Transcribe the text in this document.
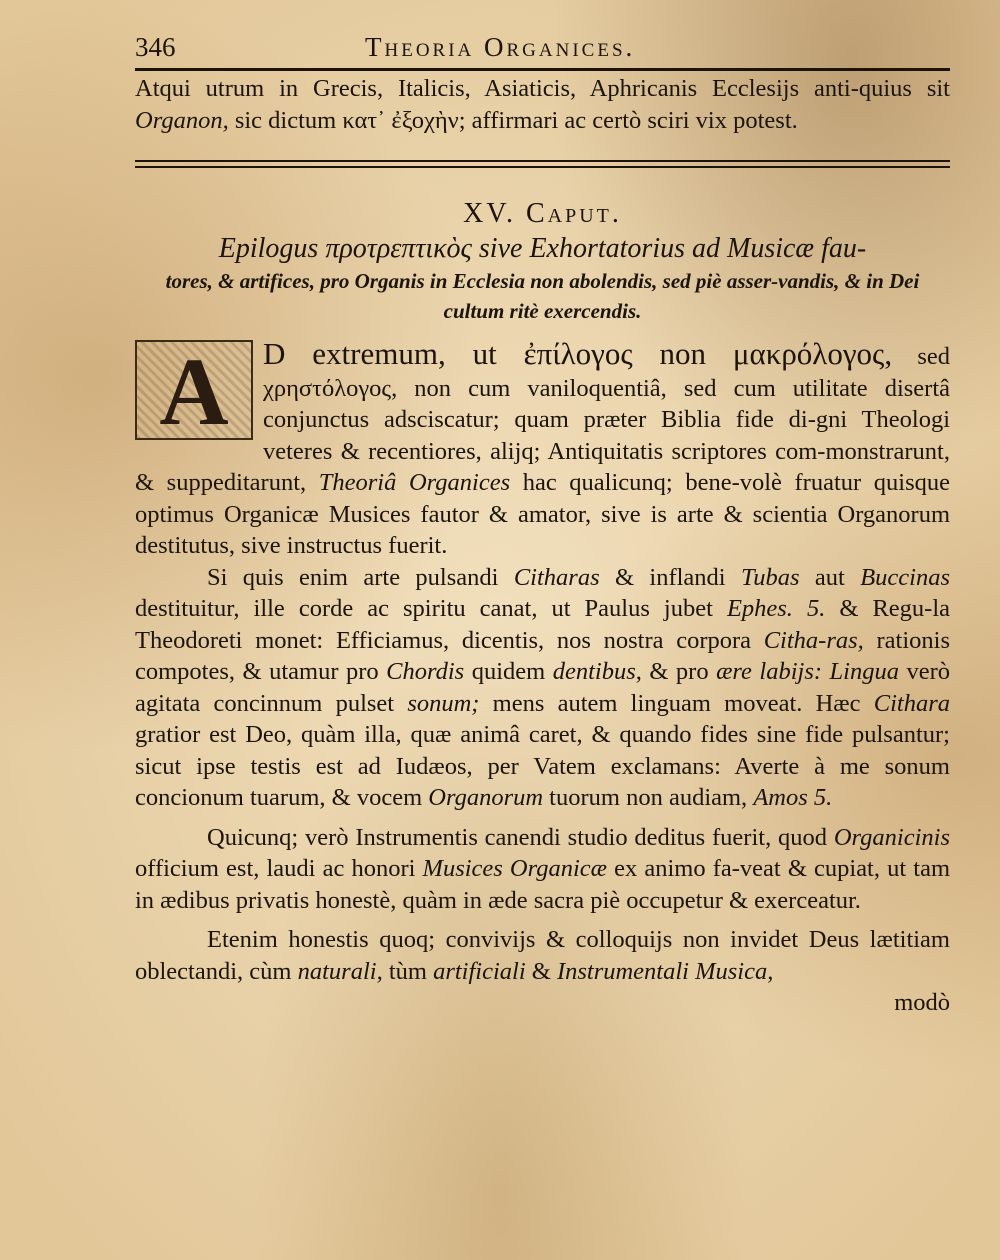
346	Theoria Organices.

Atqui utrum in Grecis, Italicis, Asiaticis, Aphricanis Ecclesijs anti-quius sit Organon, sic dictum κατ᾽ ἐξοχὴν; affirmari ac certò sciri vix potest.

XV. Caput.

Epilogus προτρεπτικὸς sive Exhortatorius ad Musicæ fau-

tores, & artifices, pro Organis in Ecclesia non abolendis, sed piè asser-vandis, & in Dei cultum ritè exercendis.

A	D extremum, ut ἐπίλογος non μακρόλογος, sed χρηστόλογος, non cum vaniloquentiâ, sed cum utilitate disertâ conjunctus adsciscatur; quam præter Biblia fide di-gni Theologi veteres & recentiores, alijq; Antiquitatis scriptores com-monstrarunt, & suppeditarunt, Theoriâ Organices hac qualicunq; bene-volè fruatur quisque optimus Organicæ Musices fautor & amator, sive is arte & scientia Organorum destitutus, sive instructus fuerit.

Si quis enim arte pulsandi Citharas & inflandi Tubas aut Buccinas destituitur, ille corde ac spiritu canat, ut Paulus jubet Ephes. 5. & Regu-la Theodoreti monet: Efficiamus, dicentis, nos nostra corpora Citha-ras, rationis compotes, & utamur pro Chordis quidem dentibus, & pro ære labijs: Lingua verò agitata concinnum pulset sonum; mens autem linguam moveat. Hæc Cithara gratior est Deo, quàm illa, quæ animâ caret, & quando fides sine fide pulsantur; sicut ipse testis est ad Iudæos, per Vatem exclamans: Averte à me sonum concionum tuarum, & vocem Organorum tuorum non audiam, Amos 5.

Quicunq; verò Instrumentis canendi studio deditus fuerit, quod Organicinis officium est, laudi ac honori Musices Organicæ ex animo fa-veat & cupiat, ut tam in ædibus privatis honestè, quàm in æde sacra piè occupetur & exerceatur.

Etenim honestis quoq; convivijs & colloquijs non invidet Deus lætitiam oblectandi, cùm naturali, tùm artificiali & Instrumentali Musica,

modò
